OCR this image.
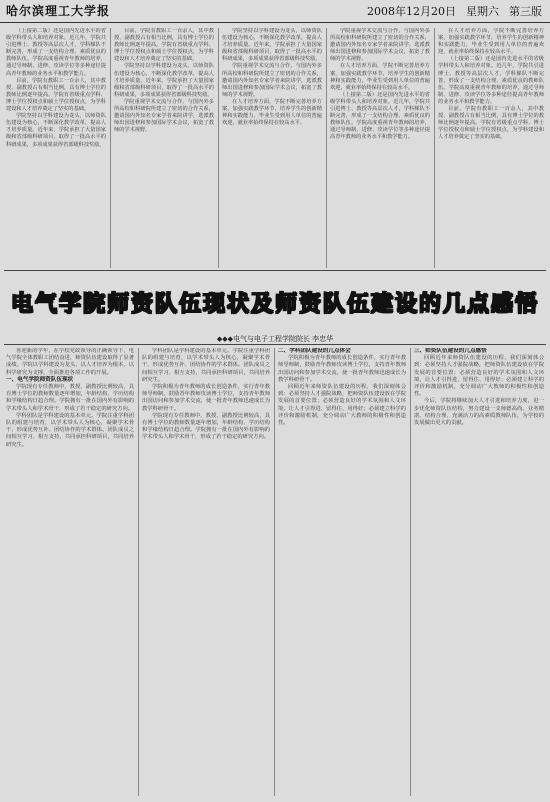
哈尔滨理工大学报	2008年12月20日 星期六 第三版

（上接第二版）还是国内先进水平的省级学科带头人和培养对象。近几年，学院共引进博士、教授等高层次人才，学科梯队不断完善，形成了一支结构合理、素质优良的教师队伍。学院高度重视青年教师的培养，通过导师制、进修、攻读学位等多种途径提高青年教师的业务水平和教学能力。

目前，学院有教职工一百余人，其中教授、副教授占有相当比例，具有博士学位的教师比例逐年提高。学院有省级重点学科、博士学位授权点和硕士学位授权点，为学科建设和人才培养奠定了坚实的基础。

学院坚持以学科建设为龙头，以师资队伍建设为核心，不断深化教学改革，提高人才培养质量。近年来，学院承担了大量国家级和省部级科研项目，取得了一批高水平的科研成果，多项成果获得省部级科技奖励。

目前，学院有教职工一百余人，其中教授、副教授占有相当比例，具有博士学位的教师比例逐年提高。学院有省级重点学科、博士学位授权点和硕士学位授权点，为学科建设和人才培养奠定了坚实的基础。

学院坚持以学科建设为龙头，以师资队伍建设为核心，不断深化教学改革，提高人才培养质量。近年来，学院承担了大量国家级和省部级科研项目，取得了一批高水平的科研成果，多项成果获得省部级科技奖励。

学院重视学术交流与合作，与国内外多所高校和科研院所建立了密切的合作关系，邀请国内外知名专家学者来院讲学，选派教师出国进修和参加国际学术会议，拓宽了教师的学术视野。

学院坚持以学科建设为龙头，以师资队伍建设为核心，不断深化教学改革，提高人才培养质量。近年来，学院承担了大量国家级和省部级科研项目，取得了一批高水平的科研成果，多项成果获得省部级科技奖励。

学院重视学术交流与合作，与国内外多所高校和科研院所建立了密切的合作关系，邀请国内外知名专家学者来院讲学，选派教师出国进修和参加国际学术会议，拓宽了教师的学术视野。

在人才培养方面，学院不断完善培养方案，加强实践教学环节，培养学生的创新精神和实践能力，毕业生受到用人单位的普遍欢迎，就业率始终保持在较高水平。

学院重视学术交流与合作，与国内外多所高校和科研院所建立了密切的合作关系，邀请国内外知名专家学者来院讲学，选派教师出国进修和参加国际学术会议，拓宽了教师的学术视野。

在人才培养方面，学院不断完善培养方案，加强实践教学环节，培养学生的创新精神和实践能力，毕业生受到用人单位的普遍欢迎，就业率始终保持在较高水平。

（上接第二版）还是国内先进水平的省级学科带头人和培养对象。近几年，学院共引进博士、教授等高层次人才，学科梯队不断完善，形成了一支结构合理、素质优良的教师队伍。学院高度重视青年教师的培养，通过导师制、进修、攻读学位等多种途径提高青年教师的业务水平和教学能力。

在人才培养方面，学院不断完善培养方案，加强实践教学环节，培养学生的创新精神和实践能力，毕业生受到用人单位的普遍欢迎，就业率始终保持在较高水平。

（上接第二版）还是国内先进水平的省级学科带头人和培养对象。近几年，学院共引进博士、教授等高层次人才，学科梯队不断完善，形成了一支结构合理、素质优良的教师队伍。学院高度重视青年教师的培养，通过导师制、进修、攻读学位等多种途径提高青年教师的业务水平和教学能力。

目前，学院有教职工一百余人，其中教授、副教授占有相当比例，具有博士学位的教师比例逐年提高。学院有省级重点学科、博士学位授权点和硕士学位授权点，为学科建设和人才培养奠定了坚实的基础。

电气学院师资队伍现状及师资队伍建设的几点感悟
◆◆◆电气与电子工程学院院长 李忠华

喜迎新的学年，在学校党政领导的正确领导下，电气学院全体教职工团结奋进，师资队伍建设取得了显著成绩。学院以学科建设为龙头，以人才培养为根本，以科学研究为支撑，全面推进各项工作的开展。

一、电气学院师资队伍现状

学院现有专任教师中，教授、副教授比例较高，具有博士学位的教师数量逐年增加，年龄结构、学历结构和学缘结构日趋合理。学院拥有一批在国内外有影响的学术带头人和学术骨干，形成了若干稳定的研究方向。

学科团队是学科建设的基本单元。学院注重学科团队的组建与培育，以学术带头人为核心，凝聚学术骨干，形成优势互补、团结协作的学术群体。团队成员之间相互学习、相互支持，共同承担科研项目，共同培养研究生。

学科团队是学科建设的基本单元。学院注重学科团队的组建与培育，以学术带头人为核心，凝聚学术骨干，形成优势互补、团结协作的学术群体。团队成员之间相互学习、相互支持，共同承担科研项目，共同培养研究生。

学院积极为青年教师的成长创造条件，实行青年教师导师制，鼓励青年教师攻读博士学位，支持青年教师出国访问和参加学术交流，使一批青年教师迅速成长为教学科研骨干。

学院现有专任教师中，教授、副教授比例较高，具有博士学位的教师数量逐年增加，年龄结构、学历结构和学缘结构日趋合理。学院拥有一批在国内外有影响的学术带头人和学术骨干，形成了若干稳定的研究方向。

二、学科团队建设的几点体会

学院积极为青年教师的成长创造条件，实行青年教师导师制，鼓励青年教师攻读博士学位，支持青年教师出国访问和参加学术交流，使一批青年教师迅速成长为教学科研骨干。

回顾近年来师资队伍建设的历程，我们深刻体会到：必须坚持人才强院战略，把师资队伍建设放在学院发展的首要位置；必须营造良好的学术氛围和人文环境，让人才引得进、留得住、用得好；必须建立科学的评价和激励机制，充分调动广大教师的积极性和创造性。

三、师资队伍建设的几点感悟

回顾近年来师资队伍建设的历程，我们深刻体会到：必须坚持人才强院战略，把师资队伍建设放在学院发展的首要位置；必须营造良好的学术氛围和人文环境，让人才引得进、留得住、用得好；必须建立科学的评价和激励机制，充分调动广大教师的积极性和创造性。

今后，学院将继续加大人才引进和培养力度，进一步优化师资队伍结构，努力建设一支师德高尚、业务精湛、结构合理、充满活力的高素质教师队伍，为学校的发展做出更大的贡献。
